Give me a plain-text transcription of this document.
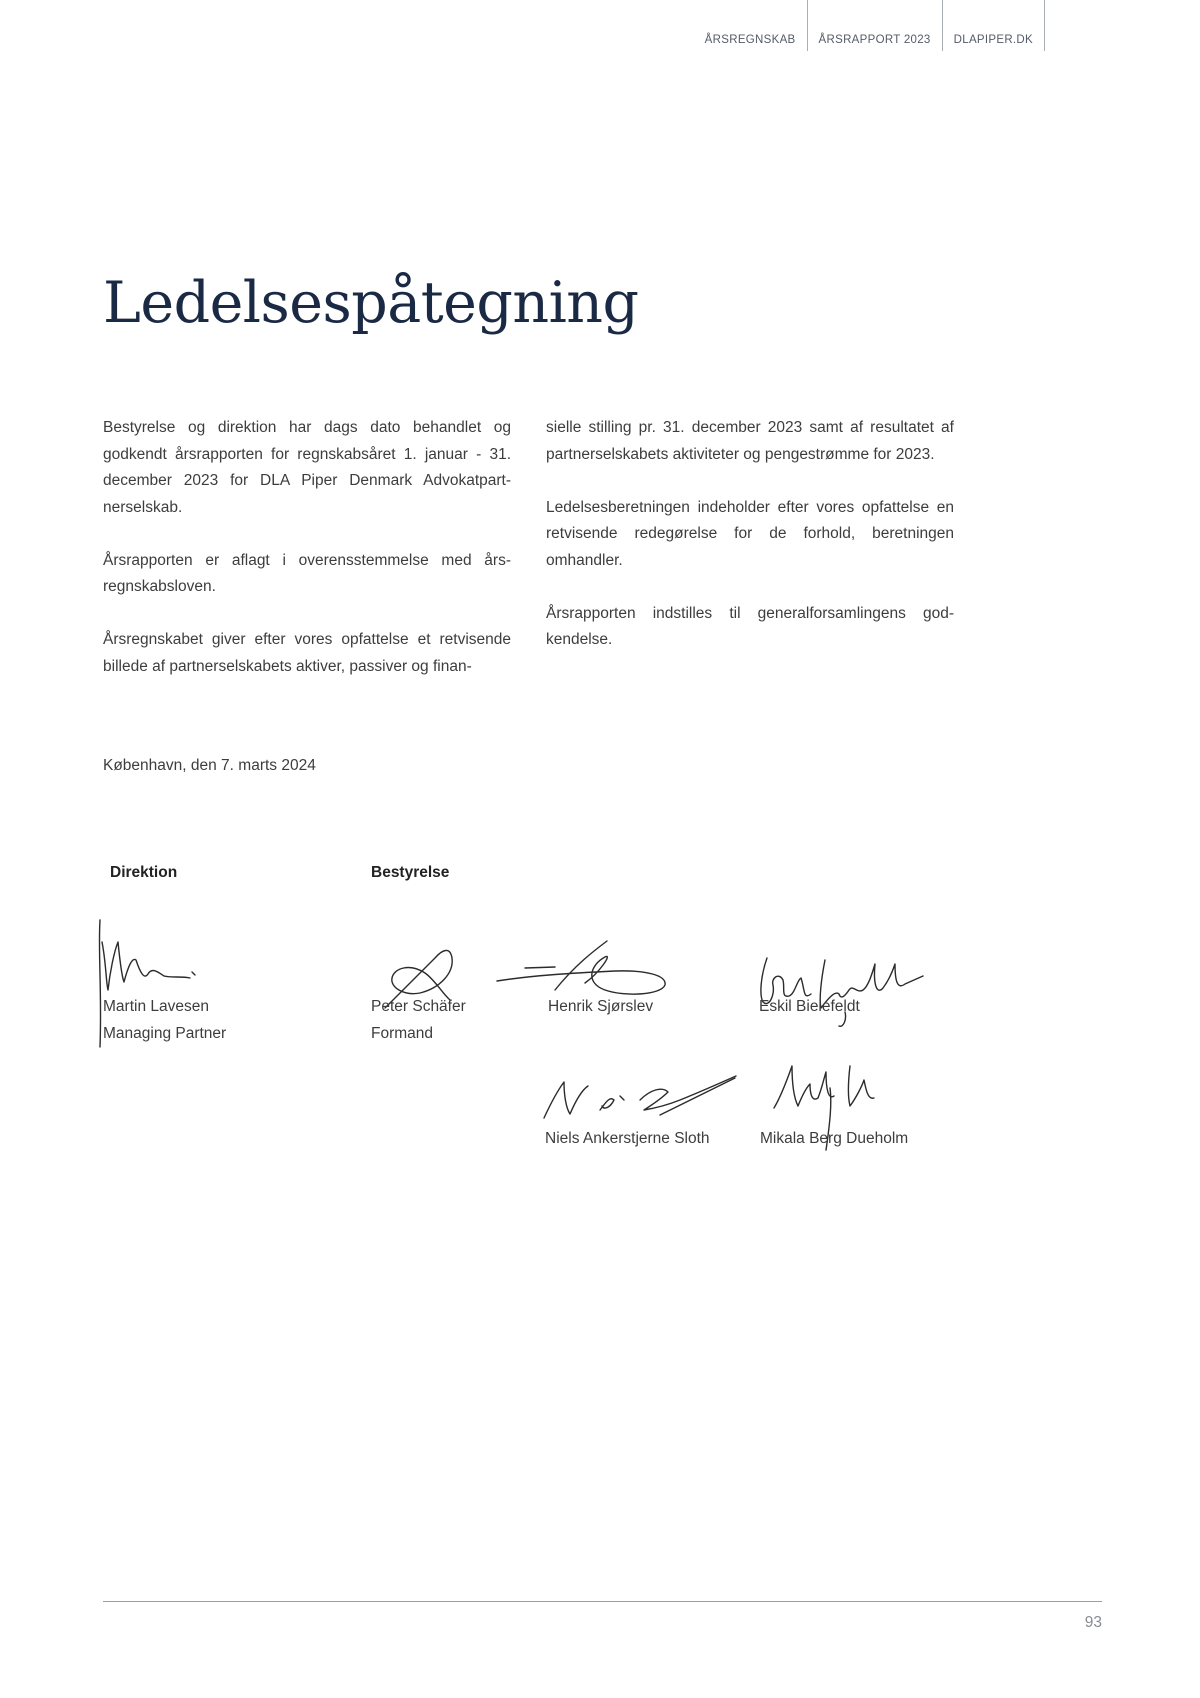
ÅRSREGNSKAB	ÅRSRAPPORT 2023	DLAPIPER.DK
Ledelsespåtegning

Bestyrelse og direktion har dags dato behandlet og godkendt årsrapporten for regnskabsåret 1. januar - 31. december 2023 for DLA Piper Denmark Advokatpart-nerselskab.

Årsrapporten er aflagt i overensstemmelse med års-regnskabsloven.

Årsregnskabet giver efter vores opfattelse et retvisende billede af partnerselskabets aktiver, passiver og finan-

sielle stilling pr. 31. december 2023 samt af resultatet af partnerselskabets aktiviteter og pengestrømme for 2023.

Ledelsesberetningen indeholder efter vores opfattelse en retvisende redegørelse for de forhold, beretningen omhandler.

Årsrapporten indstilles til generalforsamlingens god-kendelse.

København, den 7. marts 2024
Direktion	Bestyrelse
Martin Lavesen
Managing Partner
Peter Schäfer
Formand
Henrik Sjørslev	Eskil Bielefeldt
Niels Ankerstjerne Sloth	Mikala Berg Dueholm
93
